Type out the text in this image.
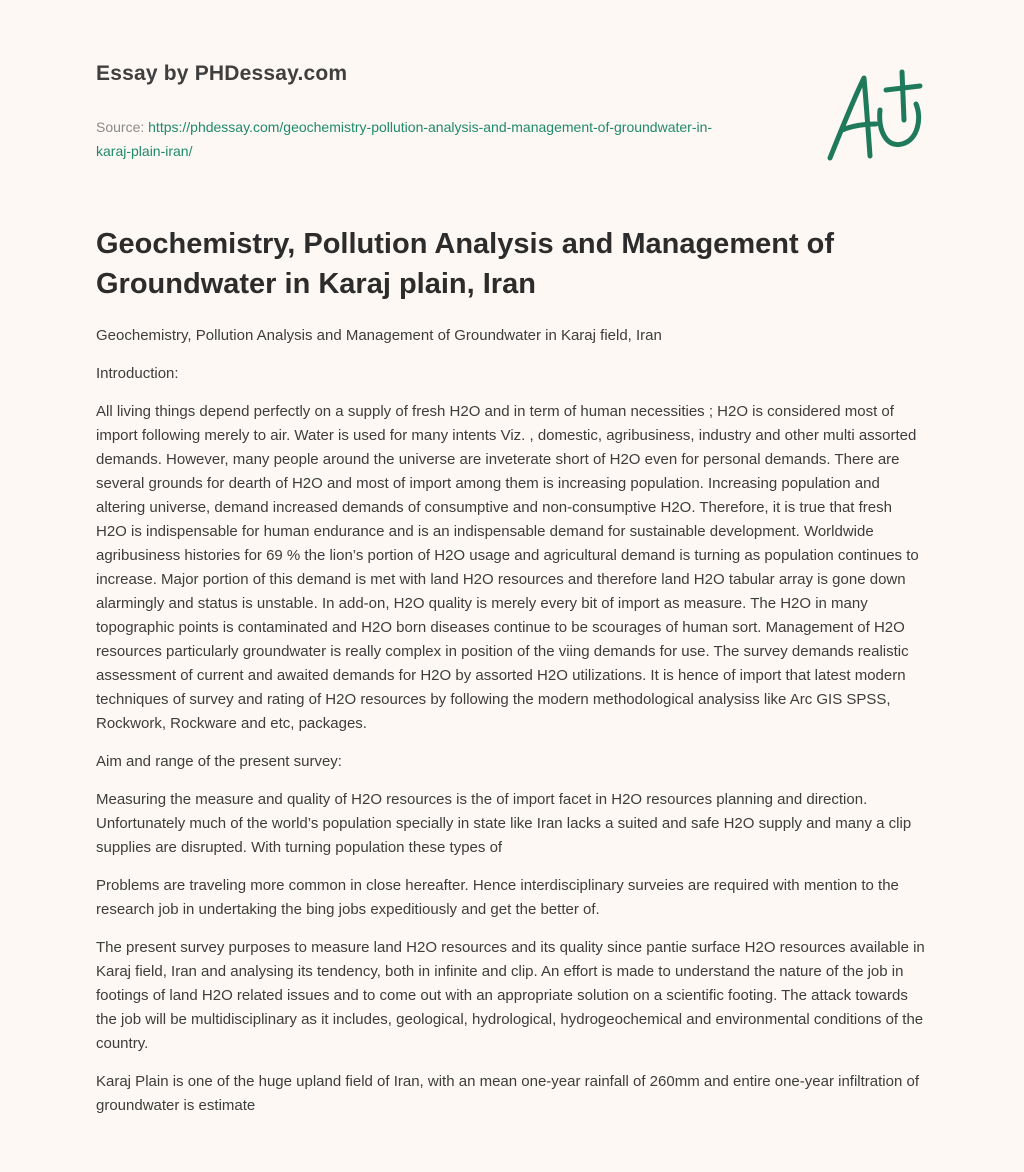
Essay by PHDessay.com
Source: https://phdessay.com/geochemistry-pollution-analysis-and-management-of-groundwater-in-karaj-plain-iran/
Geochemistry, Pollution Analysis and Management of Groundwater in Karaj plain, Iran

Geochemistry, Pollution Analysis and Management of Groundwater in Karaj field, Iran

Introduction:

All living things depend perfectly on a supply of fresh H2O and in term of human necessities ; H2O is considered most of import following merely to air. Water is used for many intents Viz. , domestic, agribusiness, industry and other multi assorted demands. However, many people around the universe are inveterate short of H2O even for personal demands. There are several grounds for dearth of H2O and most of import among them is increasing population. Increasing population and altering universe, demand increased demands of consumptive and non-consumptive H2O. Therefore, it is true that fresh H2O is indispensable for human endurance and is an indispensable demand for sustainable development. Worldwide agribusiness histories for 69 % the lion’s portion of H2O usage and agricultural demand is turning as population continues to increase. Major portion of this demand is met with land H2O resources and therefore land H2O tabular array is gone down alarmingly and status is unstable. In add-on, H2O quality is merely every bit of import as measure. The H2O in many topographic points is contaminated and H2O born diseases continue to be scourages of human sort. Management of H2O resources particularly groundwater is really complex in position of the viing demands for use. The survey demands realistic assessment of current and awaited demands for H2O by assorted H2O utilizations. It is hence of import that latest modern techniques of survey and rating of H2O resources by following the modern methodological analysiss like Arc GIS SPSS, Rockwork, Rockware and etc, packages.

Aim and range of the present survey:

Measuring the measure and quality of H2O resources is the of import facet in H2O resources planning and direction. Unfortunately much of the world’s population specially in state like Iran lacks a suited and safe H2O supply and many a clip supplies are disrupted. With turning population these types of

Problems are traveling more common in close hereafter. Hence interdisciplinary surveies are required with mention to the research job in undertaking the bing jobs expeditiously and get the better of.

The present survey purposes to measure land H2O resources and its quality since pantie surface H2O resources available in Karaj field, Iran and analysing its tendency, both in infinite and clip. An effort is made to understand the nature of the job in footings of land H2O related issues and to come out with an appropriate solution on a scientific footing. The attack towards the job will be multidisciplinary as it includes, geological, hydrological, hydrogeochemical and environmental conditions of the country.

Karaj Plain is one of the huge upland field of Iran, with an mean one-year rainfall of 260mm and entire one-year infiltration of groundwater is estimate
